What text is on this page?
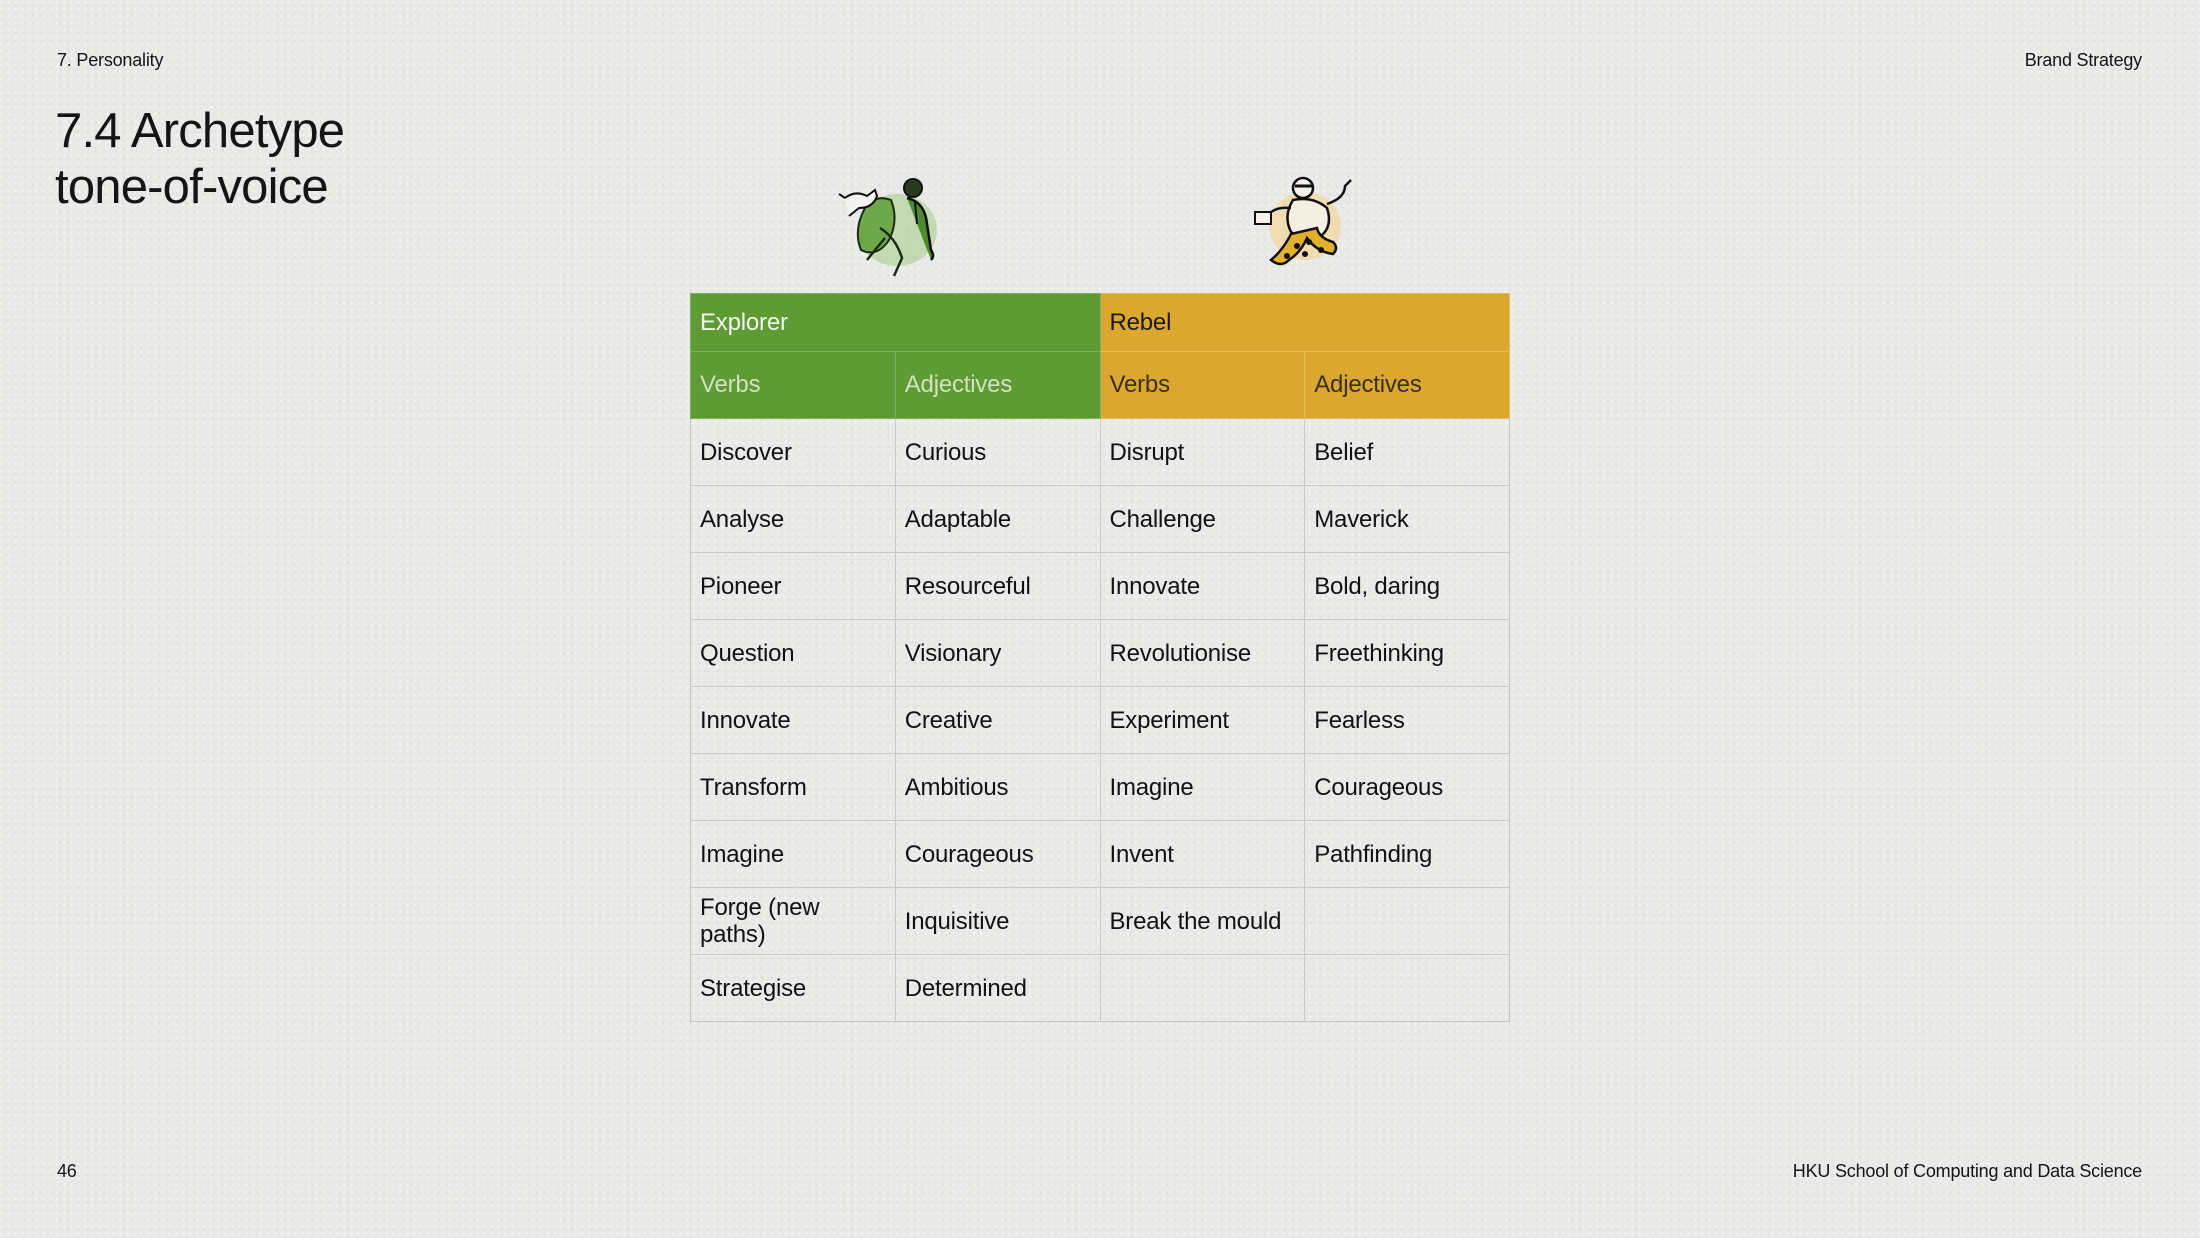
7. Personality	Brand Strategy
7.4 Archetype
tone-of-voice
Explorer		Rebel	
Verbs	Adjectives	Verbs	Adjectives
Discover	Curious	Disrupt	Belief
Analyse	Adaptable	Challenge	Maverick
Pioneer	Resourceful	Innovate	Bold, daring
Question	Visionary	Revolutionise	Freethinking
Innovate	Creative	Experiment	Fearless
Transform	Ambitious	Imagine	Courageous
Imagine	Courageous	Invent	Pathfinding
Forge (new paths)	Inquisitive	Break the mould	
Strategise	Determined		
46	HKU School of Computing and Data Science
